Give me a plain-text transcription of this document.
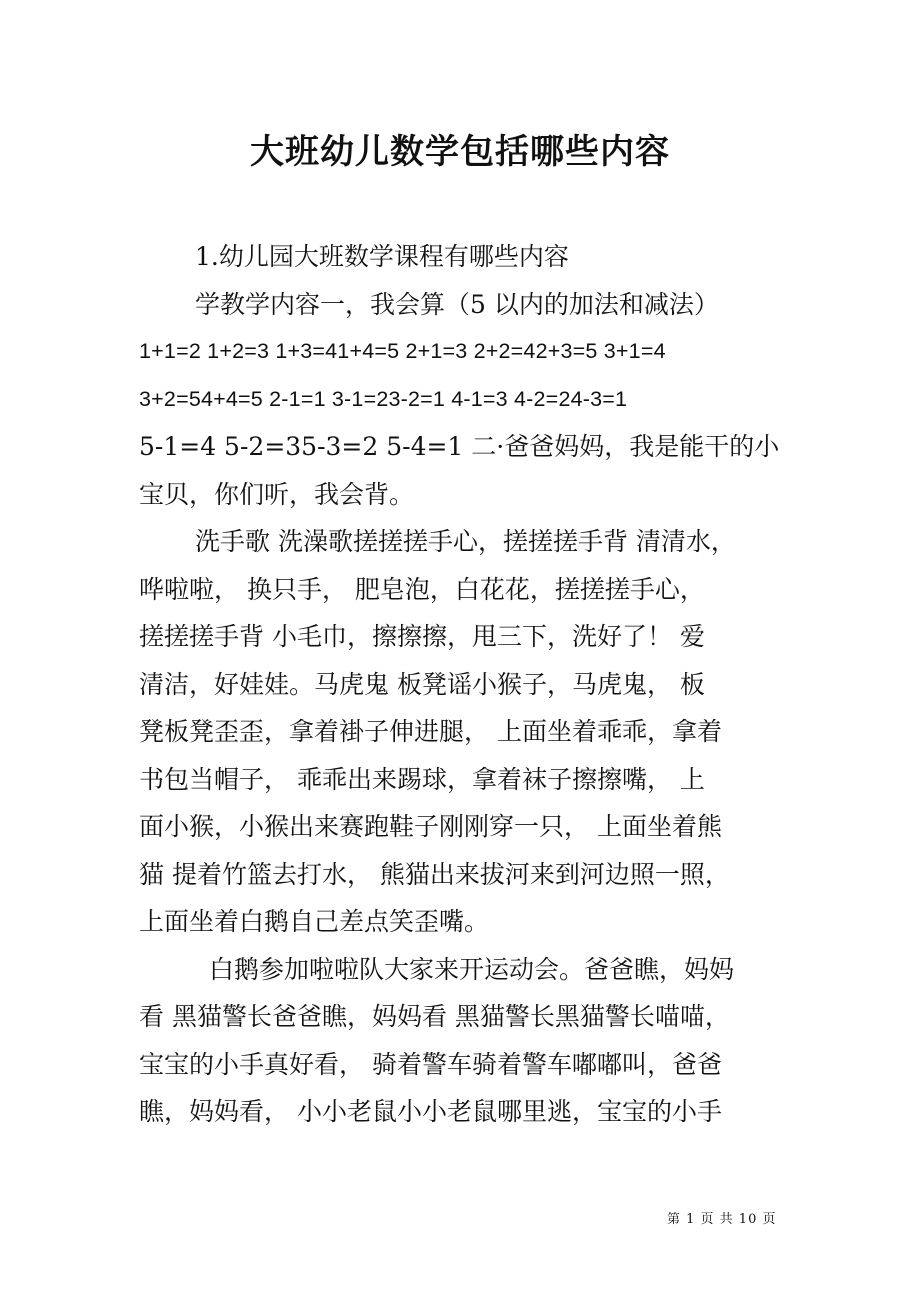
大班幼儿数学包括哪些内容
1.幼儿园大班数学课程有哪些内容
学教学内容一，我会算（5 以内的加法和减法）
1+1=2 1+2=3 1+3=41+4=5 2+1=3 2+2=42+3=5 3+1=4
3+2=54+4=5 2-1=1 3-1=23-2=1 4-1=3 4-2=24-3=1
5-1=4 5-2=35-3=2 5-4=1 二·爸爸妈妈，我是能干的小
宝贝，你们听，我会背。
洗手歌 洗澡歌搓搓搓手心，搓搓搓手背 清清水，
哗啦啦， 换只手， 肥皂泡，白花花，搓搓搓手心，
搓搓搓手背 小毛巾，擦擦擦，甩三下，洗好了！ 爱
清洁，好娃娃。马虎鬼 板凳谣小猴子，马虎鬼， 板
凳板凳歪歪，拿着褂子伸进腿， 上面坐着乖乖，拿着
书包当帽子， 乖乖出来踢球，拿着袜子擦擦嘴， 上
面小猴，小猴出来赛跑鞋子刚刚穿一只， 上面坐着熊
猫 提着竹篮去打水， 熊猫出来拔河来到河边照一照，
上面坐着白鹅自己差点笑歪嘴。
白鹅参加啦啦队大家来开运动会。爸爸瞧，妈妈
看 黑猫警长爸爸瞧，妈妈看 黑猫警长黑猫警长喵喵，
宝宝的小手真好看， 骑着警车骑着警车嘟嘟叫，爸爸
瞧，妈妈看， 小小老鼠小小老鼠哪里逃，宝宝的小手
第 1 页 共 10 页
